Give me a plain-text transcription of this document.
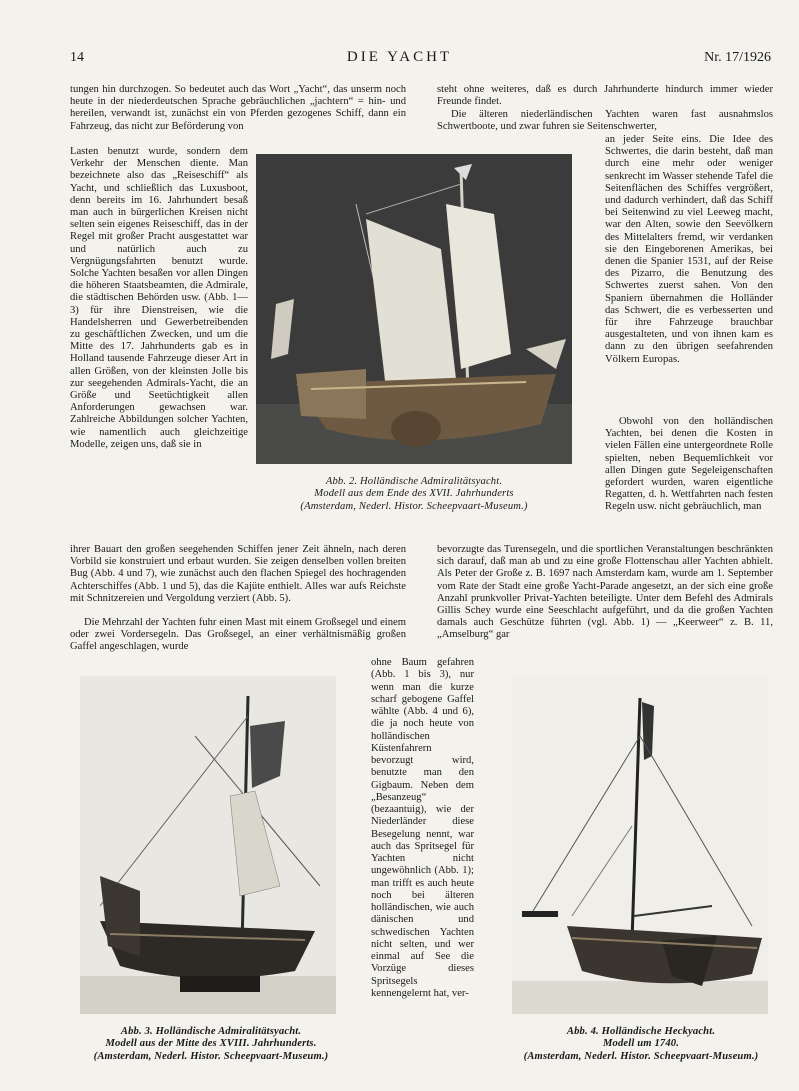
14	DIE YACHT	Nr. 17/1926
tungen hin durchzogen. So bedeutet auch das Wort „Yacht“, das unserm noch heute in der niederdeutschen Sprache gebräuchlichen „jachtern“ = hin- und hereilen, verwandt ist, zunächst ein von Pferden gezogenes Schiff, dann ein Fahrzeug, das nicht zur Beförderung von
Lasten benutzt wurde, sondern dem Verkehr der Menschen diente. Man bezeichnete also das „Reiseschiff“ als Yacht, und schließlich das Luxusboot, denn bereits im 16. Jahrhundert besaß man auch in bürgerlichen Kreisen nicht selten sein eigenes Reiseschiff, das in der Regel mit großer Pracht ausgestattet war und natürlich auch zu Vergnügungsfahrten benutzt wurde. Solche Yachten besaßen vor allen Dingen die höheren Staatsbeamten, die Admirale, die städtischen Behörden usw. (Abb. 1—3) für ihre Dienstreisen, wie die Handelsherren und Gewerbetreibenden zu geschäftlichen Zwecken, und um die Mitte des 17. Jahrhunderts gab es in Holland tausende Fahrzeuge dieser Art in allen Größen, von der kleinsten Jolle bis zur seegehenden Admirals-Yacht, die an Größe und Seetüchtigkeit allen Anforderungen gewachsen war. Zahlreiche Abbildungen solcher Yachten, wie namentlich auch gleichzeitige Modelle, zeigen uns, daß sie in
Abb. 2. Holländische Admiralitätsyacht.
Modell aus dem Ende des XVII. Jahrhunderts
(Amsterdam, Nederl. Histor. Scheepvaart-Museum.)
ihrer Bauart den großen seegehenden Schiffen jener Zeit ähneln, nach deren Vorbild sie konstruiert und erbaut wurden. Sie zeigen denselben vollen breiten Bug (Abb. 4 und 7), wie zunächst auch den flachen Spiegel des hochragenden Achterschiffes (Abb. 1 und 5), das die Kajüte enthielt. Alles war aufs Reichste mit Schnitzereien und Vergoldung verziert (Abb. 5).
Die Mehrzahl der Yachten fuhr einen Mast mit einem Großsegel und einem oder zwei Vordersegeln. Das Großsegel, an einer verhältnismäßig großen Gaffel angeschlagen, wurde
steht ohne weiteres, daß es durch Jahrhunderte hindurch immer wieder Freunde findet.
Die älteren niederländischen Yachten waren fast ausnahmslos Schwertboote, und zwar fuhren sie Seitenschwerter,
an jeder Seite eins. Die Idee des Schwertes, die darin besteht, daß man durch eine mehr oder weniger senkrecht im Wasser stehende Tafel die Seitenflächen des Schiffes vergrößert, und dadurch verhindert, daß das Schiff bei Seitenwind zu viel Leeweg macht, war den Alten, sowie den Seevölkern des Mittelalters fremd, wir verdanken sie den Eingeborenen Amerikas, bei denen die Spanier 1531, auf der Reise des Pizarro, die Benutzung des Schwertes zuerst sahen. Von den Spaniern übernahmen die Holländer das Schwert, die es verbesserten und für ihre Fahrzeuge brauchbar ausgestalteten, und von ihnen kam es dann zu den übrigen seefahrenden Völkern Europas.
Obwohl von den holländischen Yachten, bei denen die Kosten in vielen Fällen eine untergeordnete Rolle spielten, neben Bequemlichkeit vor allen Dingen gute Segeleigenschaften gefordert wurden, waren eigentliche Regatten, d. h. Wettfahrten nach festen Regeln usw. nicht gebräuchlich, man
bevorzugte das Turensegeln, und die sportlichen Veranstaltungen beschränkten sich darauf, daß man ab und zu eine große Flottenschau aller Yachten abhielt. Als Peter der Große z. B. 1697 nach Amsterdam kam, wurde am 1. September vom Rate der Stadt eine große Yacht-Parade angesetzt, an der sich eine große Anzahl prunkvoller Privat-Yachten beteiligte. Unter dem Befehl des Admirals Gillis Schey wurde eine Seeschlacht aufgeführt, und da die großen Yachten damals auch Geschütze führten (vgl. Abb. 1) — „Keerweer“ z. B. 11, „Amselburg“ gar
Abb. 3. Holländische Admiralitätsyacht.
Modell aus der Mitte des XVIII. Jahrhunderts.
(Amsterdam, Nederl. Histor. Scheepvaart-Museum.)
ohne Baum gefahren (Abb. 1 bis 3), nur wenn man die kurze scharf gebogene Gaffel wählte (Abb. 4 und 6), die ja noch heute von holländischen Küstenfahrern bevorzugt wird, benutzte man den Gigbaum. Neben dem „Besanzeug“ (bezaantuig), wie der Niederländer diese Besegelung nennt, war auch das Spritsegel für Yachten nicht ungewöhnlich (Abb. 1); man trifft es auch heute noch bei älteren holländischen, wie auch dänischen und schwedischen Yachten nicht selten, und wer einmal auf See die Vorzüge dieses Spritsegels kennengelernt hat, ver-
Abb. 4. Holländische Heckyacht.
Modell um 1740.
(Amsterdam, Nederl. Histor. Scheepvaart-Museum.)
